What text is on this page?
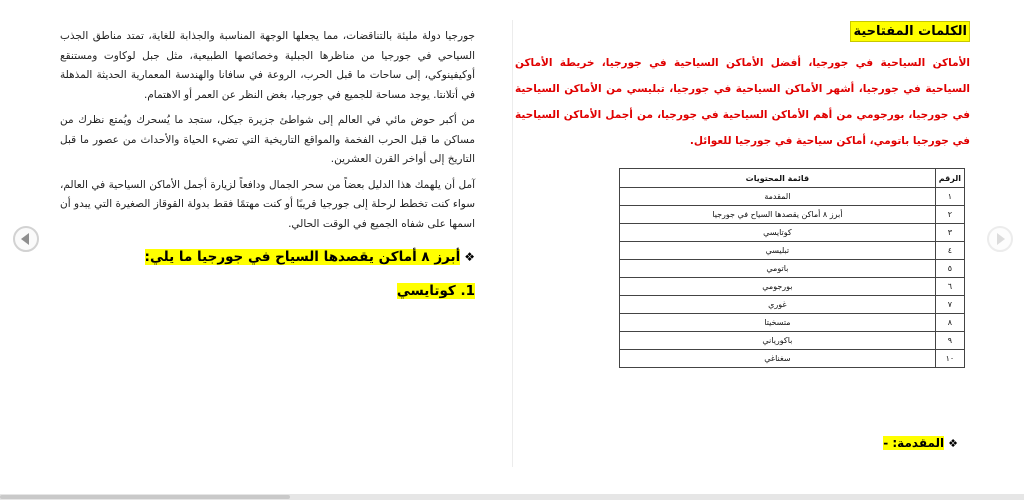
جورجيا دولة مليئة بالتناقضات، مما يجعلها الوجهة المناسبة والجذابة للغاية، تمتد مناطق الجذب السياحي في جورجيا من مناظرها الجبلية وخصائصها الطبيعية، مثل جبل لوكاوت ومستنقع أوكيفينوكي، إلى ساحات ما قبل الحرب، الروعة في سافانا والهندسة المعمارية الحديثة المذهلة في أتلانتا. يوجد مساحة للجميع في جورجيا، بغض النظر عن العمر أو الاهتمام.

من أكبر حوض مائي في العالم إلى شواطئ جزيرة جيكل، ستجد ما يُسحرك ويُمتع نظرك من مساكن ما قبل الحرب الفخمة والمواقع التاريخية التي تضيء الحياة والأحداث من عصور ما قبل التاريخ إلى أواخر القرن العشرين.

آمل أن يلهمك هذا الدليل بعضاً من سحر الجمال ودافعاً لزيارة أجمل الأماكن السياحية في العالم، سواء كنت تخطط لرحلة إلى جورجيا قريبًا أو كنت مهتمًا فقط بدولة القوقاز الصغيرة التي يبدو أن اسمها على شفاه الجميع في الوقت الحالي.

❖أبرز ٨ أماكن يقصدها السياح في جورجيا ما يلي:
1. كوتايسي
الكلمات المفتاحية

الأماكن السياحية في جورجيا، أفضل الأماكن السياحية في جورجيا، خريطة الأماكن السياحية في جورجيا، أشهر الأماكن السياحية في جورجيا، تبليسي من الأماكن السياحية في جورجيا، بورجومي من أهم الأماكن السياحية في جورجيا، من أجمل الأماكن السياحية في جورجيا باتومي، أماكن سياحية في جورجيا للعوائل.

الرقم	قائمة المحتويات
١	المقدمة
٢	أبرز ٨ أماكن يقصدها السياح في جورجيا
٣	كوتايسي
٤	تبليسي
٥	باتومي
٦	بورجومي
٧	غوري
٨	متسخيتا
٩	باكورياني
١٠	سغناغي
❖المقدمة: -
